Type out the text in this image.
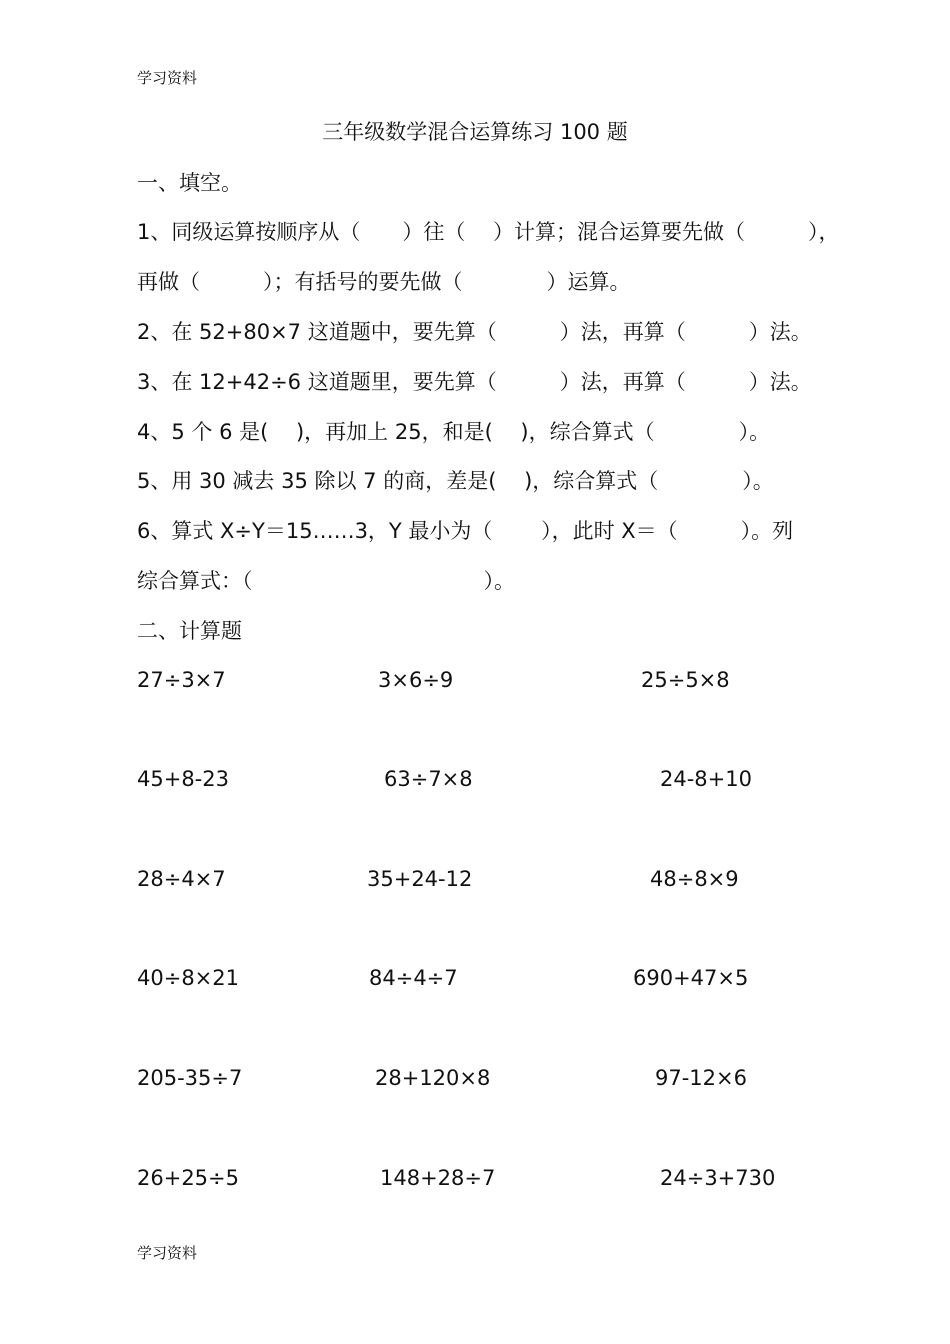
学习资料
三年级数学混合运算练习 100 题
一、填空。
1、同级运算按顺序从（　　）往（　 ）计算；混合运算要先做（　　　），
再做（　　　）；有括号的要先做（　　　　）运算。
2、在 52+80×7 这道题中，要先算（　　　）法，再算（　　　）法。
3、在 12+42÷6 这道题里，要先算（　　　）法，再算（　　　）法。
4、5 个 6 是(　 )，再加上 25，和是(　 )，综合算式（　　　　）。
5、用 30 减去 35 除以 7 的商，差是(　 )，综合算式（　　　　）。
6、算式 X÷Y＝15……3，Y 最小为（　　 ），此时 X＝（　　　）。列
综合算式：（　　　　　　　　　　　）。
二、计算题
27÷3×7	3×6÷9	25÷5×8
45+8-23	63÷7×8	24-8+10
28÷4×7	35+24-12	48÷8×9
40÷8×21	84÷4÷7	690+47×5
205-35÷7	28+120×8	97-12×6
26+25÷5	148+28÷7	24÷3+730
学习资料
